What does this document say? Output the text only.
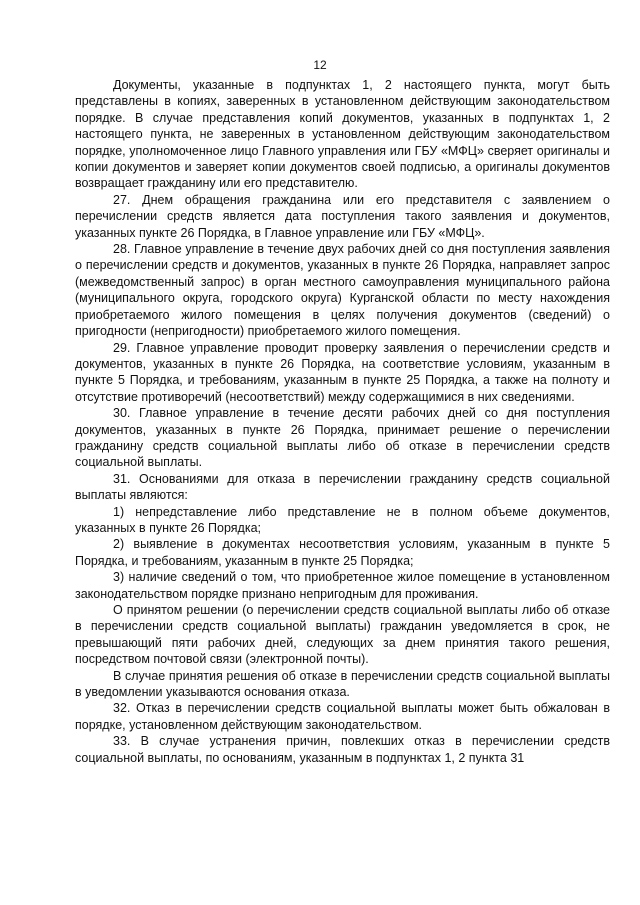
12

Документы, указанные в подпунктах 1, 2 настоящего пункта, могут быть представлены в копиях, заверенных в установленном действующим законодательством порядке. В случае представления копий документов, указанных в подпунктах 1, 2 настоящего пункта, не заверенных в установленном действующим законодательством порядке, уполномоченное лицо Главного управления или ГБУ «МФЦ» сверяет оригиналы и копии документов и заверяет копии документов своей подписью, а оригиналы документов возвращает гражданину или его представителю.

27. Днем обращения гражданина или его представителя с заявлением о перечислении средств является дата поступления такого заявления и документов, указанных пункте 26 Порядка, в Главное управление или ГБУ «МФЦ».

28. Главное управление в течение двух рабочих дней со дня поступления заявления о перечислении средств и документов, указанных в пункте 26 Порядка, направляет запрос (межведомственный запрос) в орган местного самоуправления муниципального района (муниципального округа, городского округа) Курганской области по месту нахождения приобретаемого жилого помещения в целях получения документов (сведений) о пригодности (непригодности) приобретаемого жилого помещения.

29. Главное управление проводит проверку заявления о перечислении средств и документов, указанных в пункте 26 Порядка, на соответствие условиям, указанным в пункте 5 Порядка, и требованиям, указанным в пункте 25 Порядка, а также на полноту и отсутствие противоречий (несоответствий) между содержащимися в них сведениями.

30. Главное управление в течение десяти рабочих дней со дня поступления документов, указанных в пункте 26 Порядка, принимает решение о перечислении гражданину средств социальной выплаты либо об отказе в перечислении средств социальной выплаты.

31. Основаниями для отказа в перечислении гражданину средств социальной выплаты являются:

1) непредставление либо представление не в полном объеме документов, указанных в пункте 26 Порядка;

2) выявление в документах несоответствия условиям, указанным в пункте 5 Порядка, и требованиям, указанным в пункте 25 Порядка;

3) наличие сведений о том, что приобретенное жилое помещение в установленном законодательством порядке признано непригодным для проживания.

О принятом решении (о перечислении средств социальной выплаты либо об отказе в перечислении средств социальной выплаты) гражданин уведомляется в срок, не превышающий пяти рабочих дней, следующих за днем принятия такого решения, посредством почтовой связи (электронной почты).

В случае принятия решения об отказе в перечислении средств социальной выплаты в уведомлении указываются основания отказа.

32. Отказ в перечислении средств социальной выплаты может быть обжалован в порядке, установленном действующим законодательством.

33. В случае устранения причин, повлекших отказ в перечислении средств социальной выплаты, по основаниям, указанным в подпунктах 1, 2 пункта 31
